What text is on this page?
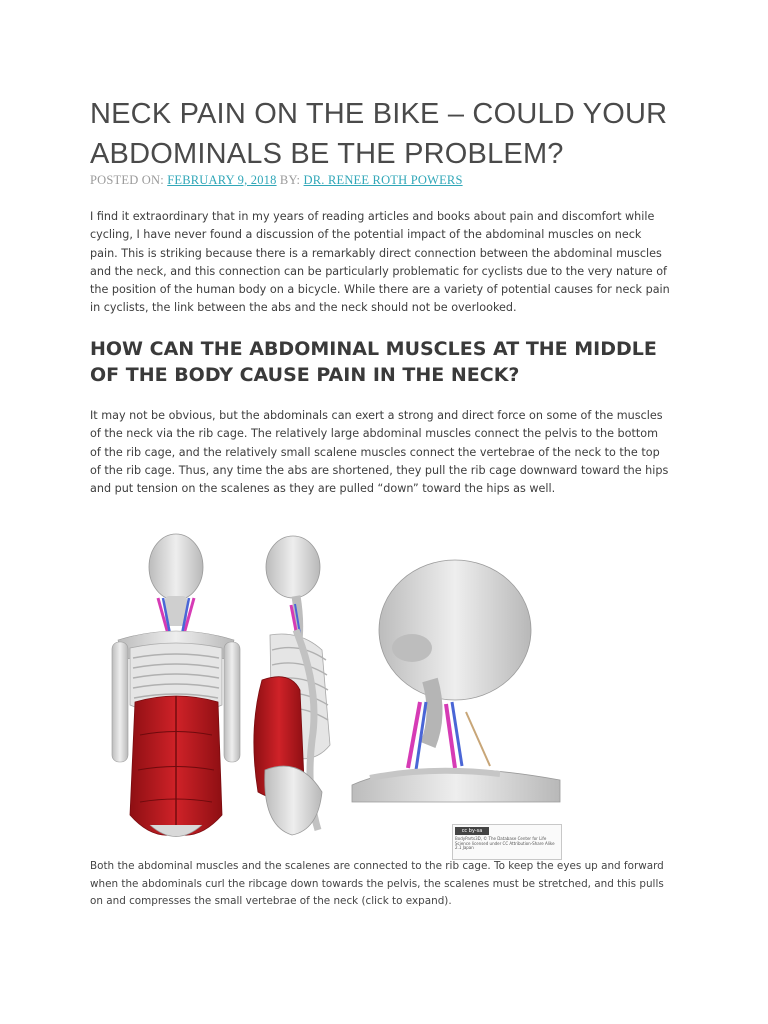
NECK PAIN ON THE BIKE – COULD YOUR ABDOMINALS BE THE PROBLEM?
POSTED ON: FEBRUARY 9, 2018 BY: DR. RENEE ROTH POWERS

I find it extraordinary that in my years of reading articles and books about pain and discomfort while cycling, I have never found a discussion of the potential impact of the abdominal muscles on neck pain. This is striking because there is a remarkably direct connection between the abdominal muscles and the neck, and this connection can be particularly problematic for cyclists due to the very nature of the position of the human body on a bicycle. While there are a variety of potential causes for neck pain in cyclists, the link between the abs and the neck should not be overlooked.

HOW CAN THE ABDOMINAL MUSCLES AT THE MIDDLE OF THE BODY CAUSE PAIN IN THE NECK?

It may not be obvious, but the abdominals can exert a strong and direct force on some of the muscles of the neck via the rib cage. The relatively large abdominal muscles connect the pelvis to the bottom of the rib cage, and the relatively small scalene muscles connect the vertebrae of the neck to the top of the rib cage. Thus, any time the abs are shortened, they pull the rib cage downward toward the hips and put tension on the scalenes as they are pulled “down” toward the hips as well.

cc by-sa
BodyParts3D, © The Database Center for Life Science licensed under CC Attribution-Share Alike 2.1 Japan

Both the abdominal muscles and the scalenes are connected to the rib cage. To keep the eyes up and forward when the abdominals curl the ribcage down towards the pelvis, the scalenes must be stretched, and this pulls on and compresses the small vertebrae of the neck (click to expand).
